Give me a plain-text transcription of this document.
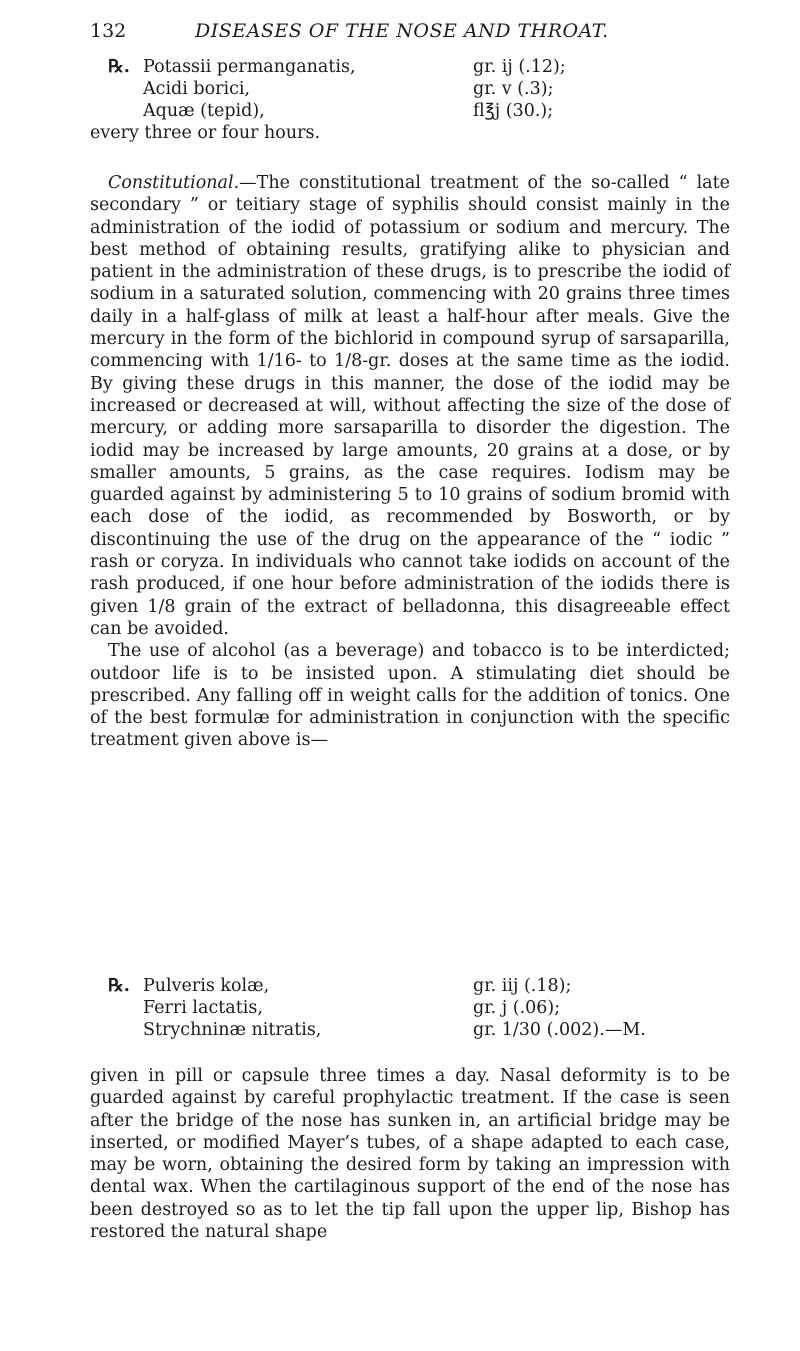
132	DISEASES OF THE NOSE AND THROAT.
℞. Potassii permanganatis,	gr. ij (.12);
Acidi borici,	gr. v (.3);
Aquæ (tepid),	fl℥j (30.);
every three or four hours.

Constitutional.—The constitutional treatment of the so-called “ late secondary ” or teitiary stage of syphilis should consist mainly in the administration of the iodid of potassium or sodium and mercury. The best method of obtaining results, gratifying alike to physician and patient in the administration of these drugs, is to prescribe the iodid of sodium in a saturated solution, commencing with 20 grains three times daily in a half-glass of milk at least a half-hour after meals. Give the mercury in the form of the bichlorid in compound syrup of sarsaparilla, commencing with 1/16- to 1/8-gr. doses at the same time as the iodid. By giving these drugs in this manner, the dose of the iodid may be increased or decreased at will, without affecting the size of the dose of mercury, or adding more sarsaparilla to disorder the digestion. The iodid may be increased by large amounts, 20 grains at a dose, or by smaller amounts, 5 grains, as the case requires. Iodism may be guarded against by administering 5 to 10 grains of sodium bromid with each dose of the iodid, as recommended by Bosworth, or by discontinuing the use of the drug on the appearance of the “ iodic ” rash or coryza. In individuals who cannot take iodids on account of the rash produced, if one hour before administration of the iodids there is given 1/8 grain of the extract of belladonna, this disagreeable effect can be avoided.

The use of alcohol (as a beverage) and tobacco is to be interdicted; outdoor life is to be insisted upon. A stimulating diet should be prescribed. Any falling off in weight calls for the addition of tonics. One of the best formulæ for administration in conjunction with the specific treatment given above is—

℞. Pulveris kolæ,	gr. iij (.18);
Ferri lactatis,	gr. j (.06);
Strychninæ nitratis,	gr. 1/30 (.002).—M.

given in pill or capsule three times a day. Nasal deformity is to be guarded against by careful prophylactic treatment. If the case is seen after the bridge of the nose has sunken in, an artificial bridge may be inserted, or modified Mayer’s tubes, of a shape adapted to each case, may be worn, obtaining the desired form by taking an impression with dental wax. When the cartilaginous support of the end of the nose has been destroyed so as to let the tip fall upon the upper lip, Bishop has restored the natural shape
